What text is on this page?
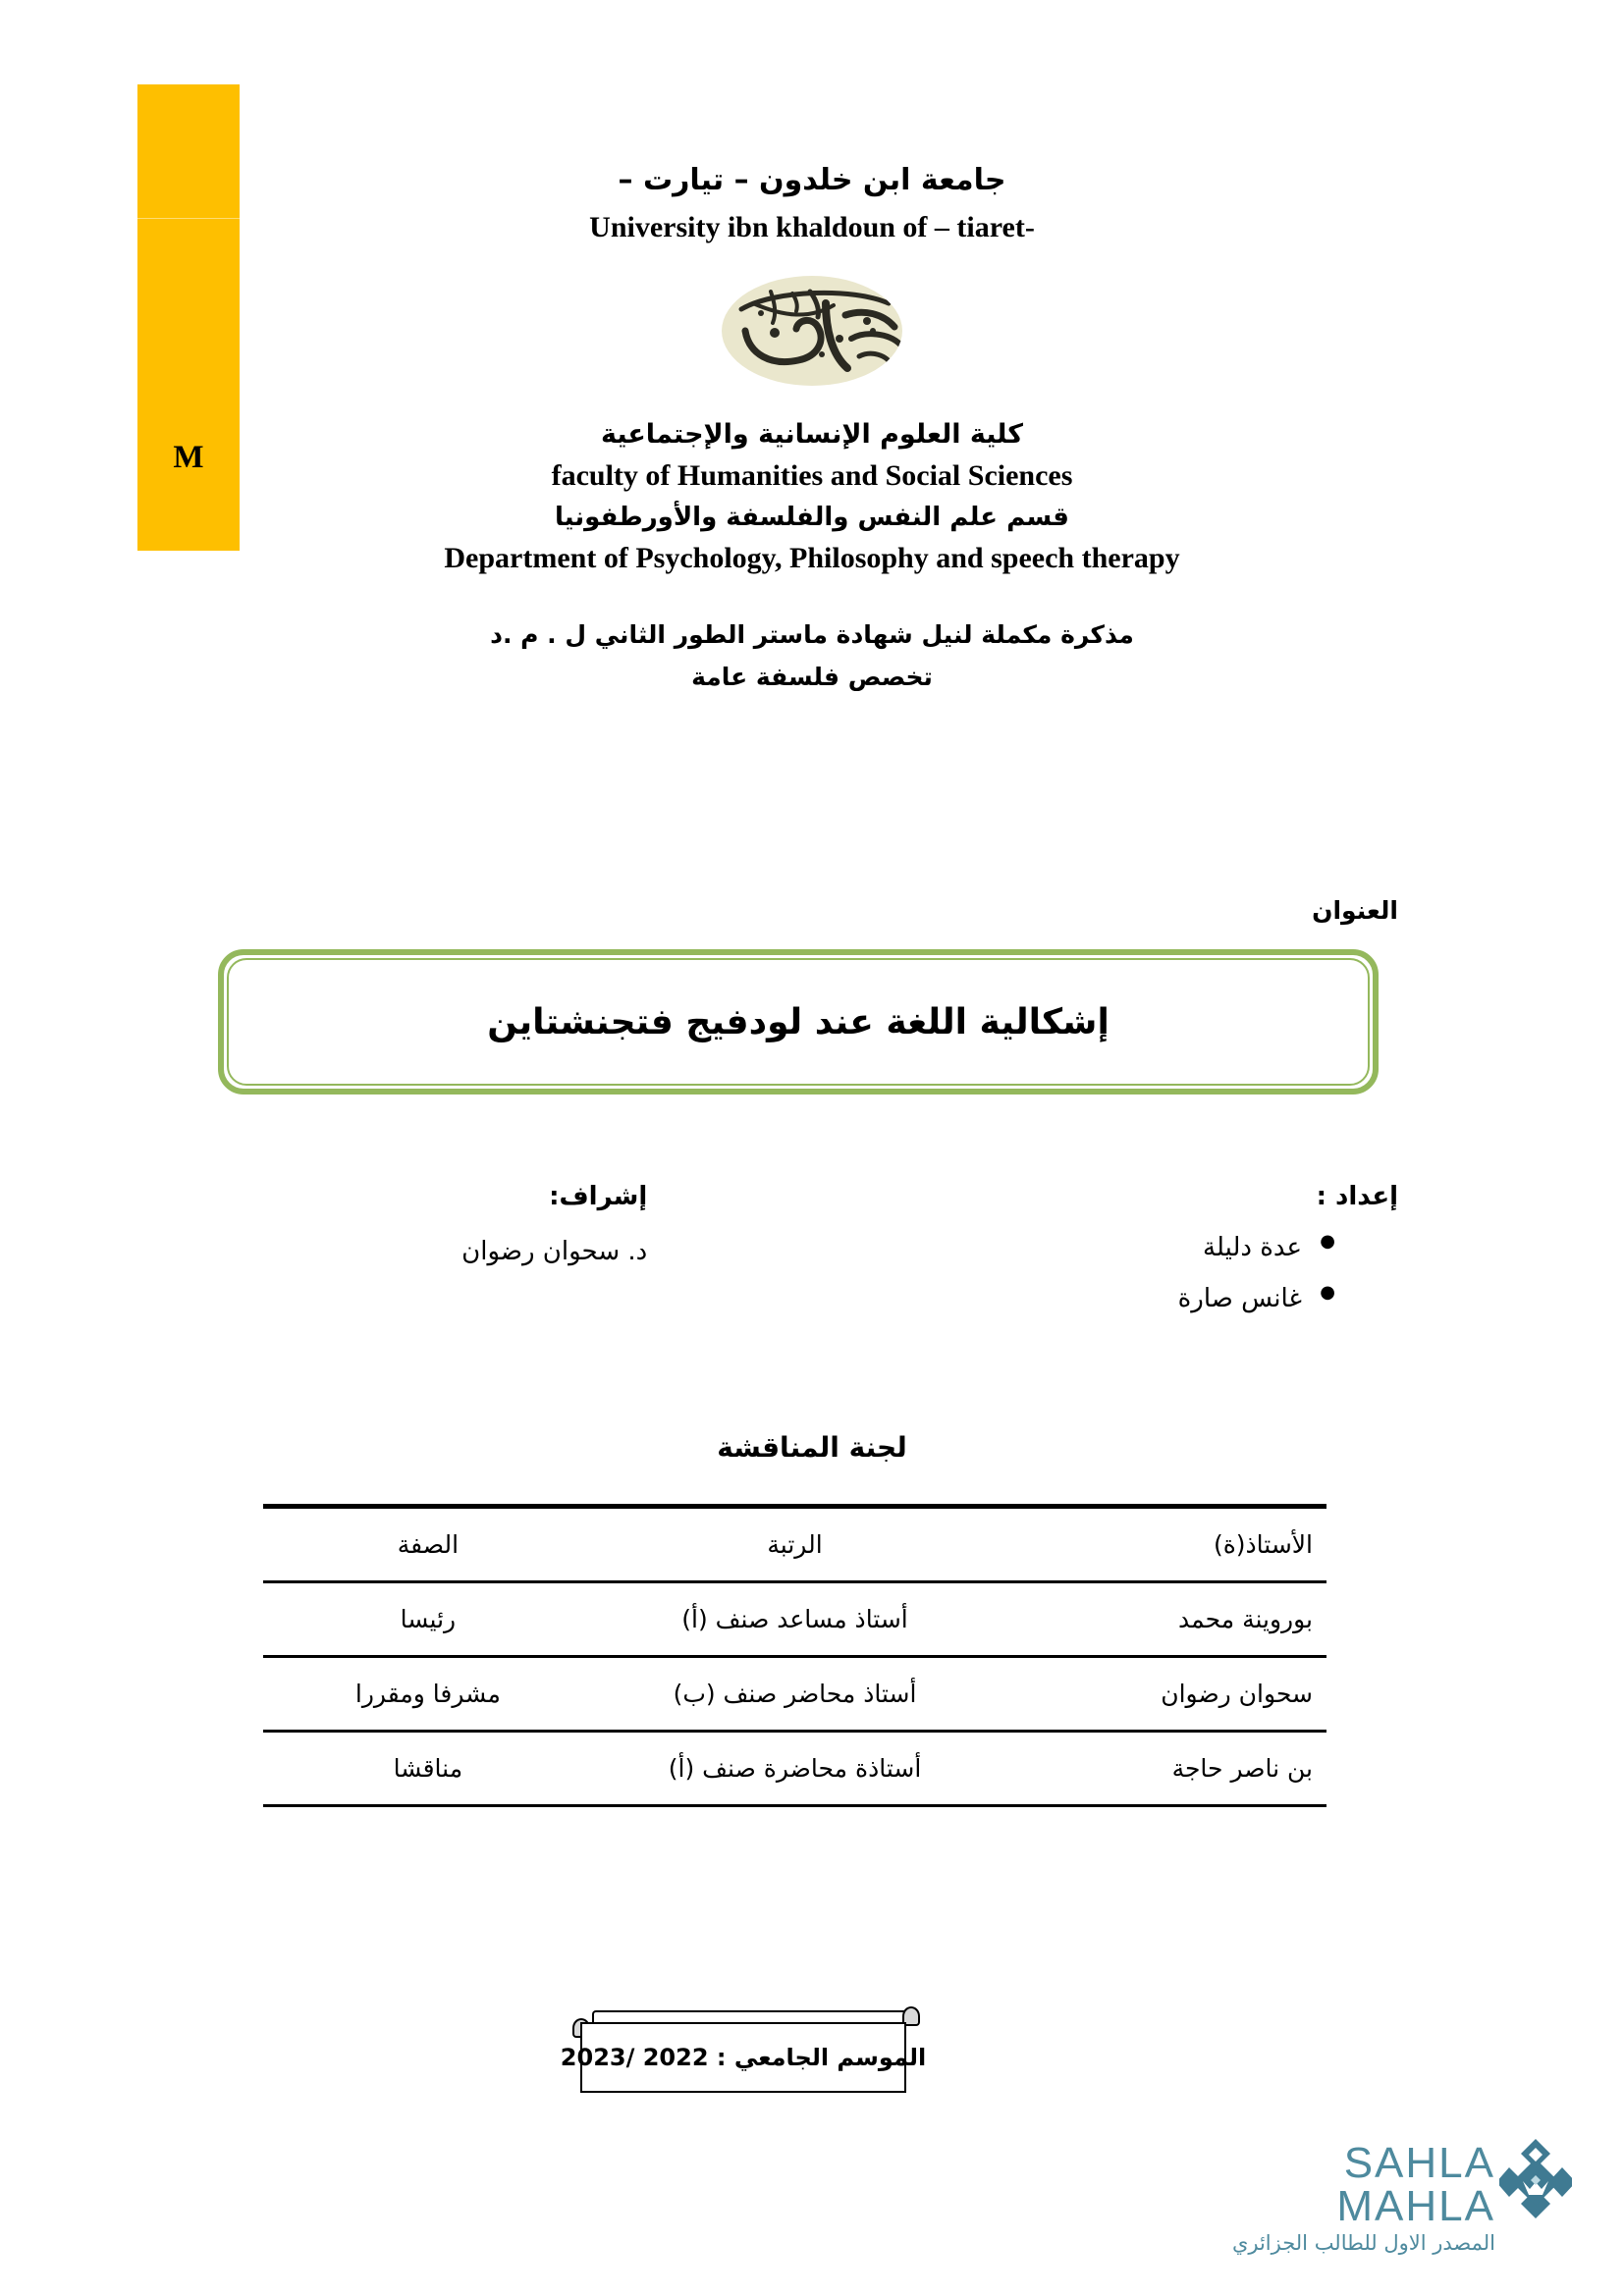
M
جامعة ابن خلدون – تيارت –
University ibn khaldoun of – tiaret-
كلية العلوم الإنسانية والإجتماعية
faculty of Humanities and Social Sciences
قسم علم النفس والفلسفة والأورطفونيا
Department of Psychology, Philosophy and speech therapy
مذكرة مكملة لنيل شهادة ماستر الطور الثاني ل . م .د
تخصص فلسفة عامة
العنوان
إشكالية اللغة عند لودفيج فتجنشتاين
إعداد :
● عدة دليلة
● غانس صارة
إشراف:
د. سحوان رضوان
لجنة المناقشة
الأستاذ(ة)	الرتبة	الصفة
بوروينة محمد	أستاذ مساعد صنف (أ)	رئيسا
سحوان رضوان	أستاذ محاضر صنف (ب)	مشرفا ومقررا
بن ناصر حاجة	أستاذة محاضرة صنف (أ)	مناقشا
الموسم الجامعي : 2022 /2023
SAHLA MAHLA
المصدر الاول للطالب الجزائري
